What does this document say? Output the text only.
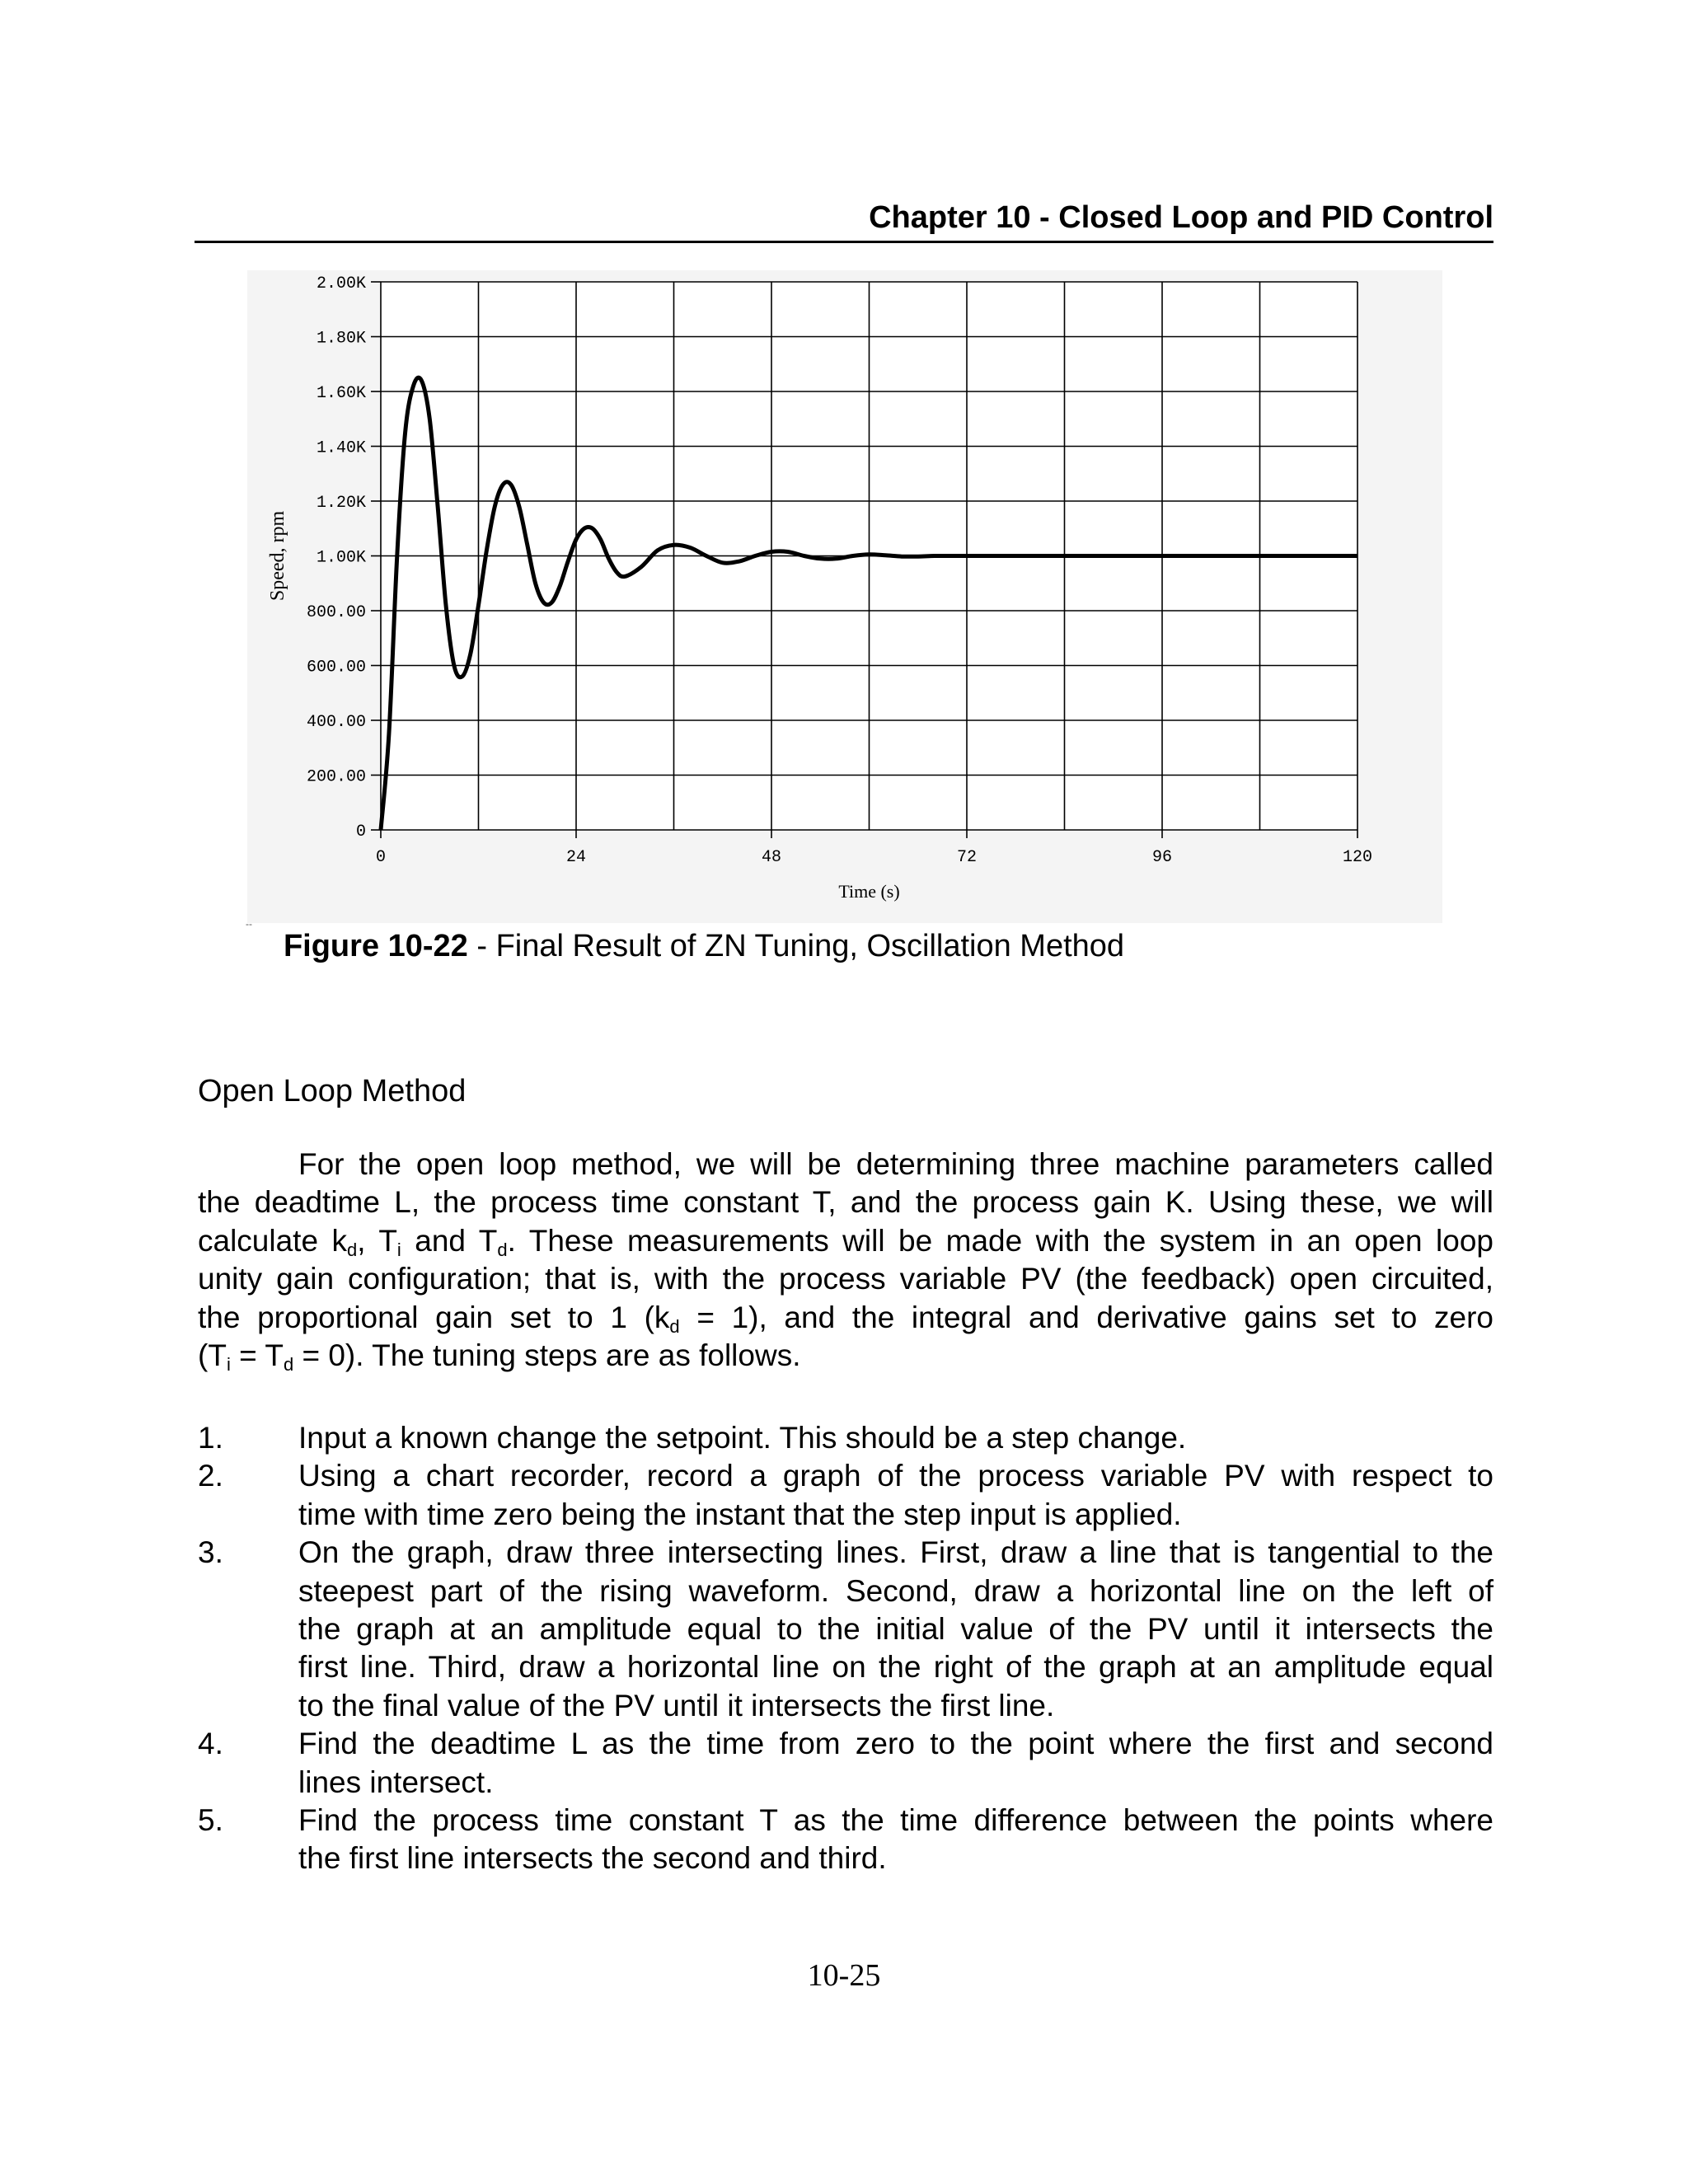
Chapter 10 - Closed Loop and PID Control
0
200.00
400.00
600.00
800.00
1.00K
1.20K
1.40K
1.60K
1.80K
2.00K
0	24	48	72	96	120
Time (s)
Speed, rpm
--
Figure 10-22 - Final Result of ZN Tuning, Oscillation Method
Open Loop Method
For the open loop method, we will be determining three machine parameters called
the deadtime L, the process time constant T, and the process gain K. Using these, we will
calculate $k_d$, $T_i$ and $T_d$. These measurements will be made with the system in an open loop
unity gain configuration; that is, with the process variable PV (the feedback) open circuited,
the proportional gain set to 1 $(k_d = 1)$, and the integral and derivative gains set to zero
$(T_i = T_d = 0)$. The tuning steps are as follows.
1.	Input a known change the setpoint. This should be a step change.
2.	Using a chart recorder, record a graph of the process variable PV with respect to
time with time zero being the instant that the step input is applied.
3.	On the graph, draw three intersecting lines. First, draw a line that is tangential to the
steepest part of the rising waveform. Second, draw a horizontal line on the left of
the graph at an amplitude equal to the initial value of the PV until it intersects the
first line. Third, draw a horizontal line on the right of the graph at an amplitude equal
to the final value of the PV until it intersects the first line.
4.	Find the deadtime L as the time from zero to the point where the first and second
lines intersect.
5.	Find the process time constant T as the time difference between the points where
the first line intersects the second and third.
10-25
